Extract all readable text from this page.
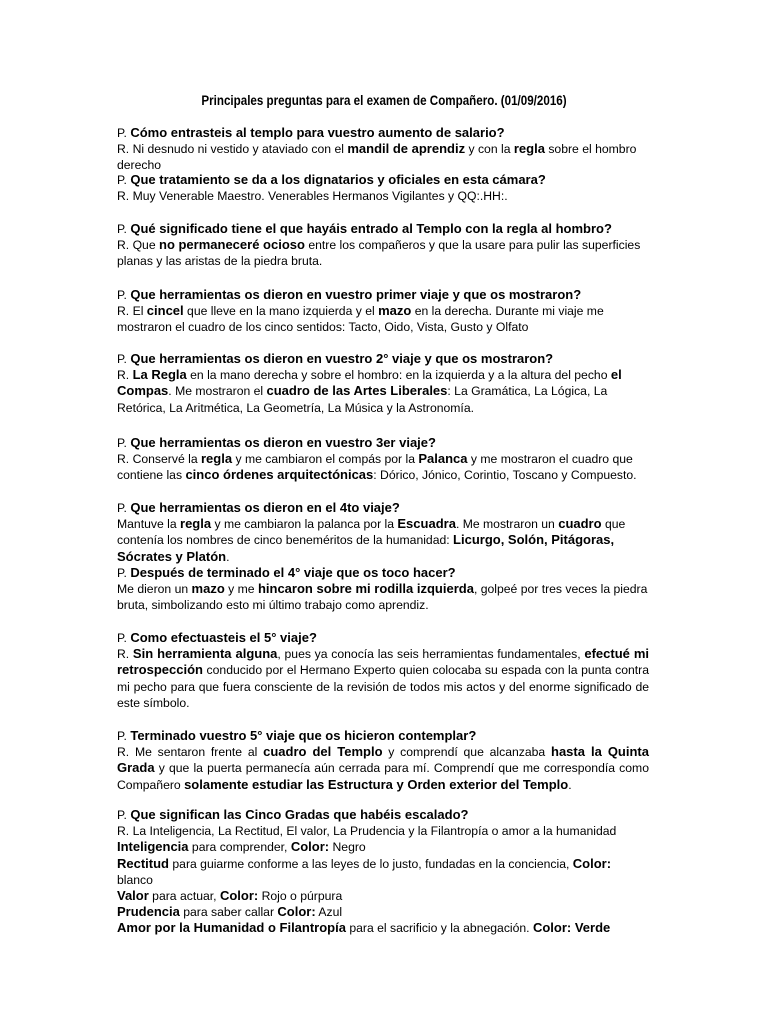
Principales preguntas para el examen de Compañero. (01/09/2016)
P. Cómo entrasteis al templo para vuestro aumento de salario?
R. Ni desnudo ni vestido y ataviado con el mandil de aprendiz y con la regla sobre el hombro derecho
P. Que tratamiento se da a los dignatarios y oficiales en esta cámara?
R. Muy Venerable Maestro. Venerables Hermanos Vigilantes y QQ:.HH:.
P. Qué significado tiene el que hayáis entrado al Templo con la regla al hombro?
R. Que no permaneceré ocioso entre los compañeros y que la usare para pulir las superficies planas y las aristas de la piedra bruta.
P. Que herramientas os dieron en vuestro primer viaje y que os mostraron?
R. El cincel que lleve en la mano izquierda y el mazo en la derecha. Durante mi viaje me mostraron el cuadro de los cinco sentidos: Tacto, Oido, Vista, Gusto y Olfato
P. Que herramientas os dieron en vuestro 2° viaje y que os mostraron?
R. La Regla en la mano derecha y sobre el hombro: en la izquierda y a la altura del pecho el Compas. Me mostraron el cuadro de las Artes Liberales: La Gramática, La Lógica, La Retórica, La Aritmética, La Geometría, La Música y la Astronomía.
P. Que herramientas os dieron en vuestro 3er viaje?
R. Conservé la regla y me cambiaron el compás por la Palanca y me mostraron el cuadro que contiene las cinco órdenes arquitectónicas: Dórico, Jónico, Corintio, Toscano y Compuesto.
P. Que herramientas os dieron en el 4to viaje?
Mantuve la regla y me cambiaron la palanca por la Escuadra. Me mostraron un cuadro que contenía los nombres de cinco beneméritos de la humanidad: Licurgo, Solón, Pitágoras, Sócrates y Platón.
P. Después de terminado el 4° viaje que os toco hacer?
Me dieron un mazo y me hincaron sobre mi rodilla izquierda, golpeé por tres veces la piedra bruta, simbolizando esto mi último trabajo como aprendiz.
P. Como efectuasteis el 5° viaje?
R. Sin herramienta alguna, pues ya conocía las seis herramientas fundamentales, efectué mi retrospección conducido por el Hermano Experto quien colocaba su espada con la punta contra mi pecho para que fuera consciente de la revisión de todos mis actos y del enorme significado de este símbolo.
P. Terminado vuestro 5° viaje que os hicieron contemplar?
R. Me sentaron frente al cuadro del Templo y comprendí que alcanzaba hasta la Quinta Grada y que la puerta permanecía aún cerrada para mí. Comprendí que me correspondía como Compañero solamente estudiar las Estructura y Orden exterior del Templo.
P. Que significan las Cinco Gradas que habéis escalado?
R. La Inteligencia, La Rectitud, El valor, La Prudencia y la Filantropía o amor a la humanidad
Inteligencia para comprender, Color: Negro
Rectitud para guiarme conforme a las leyes de lo justo, fundadas en la conciencia, Color: blanco
Valor para actuar, Color: Rojo o púrpura
Prudencia para saber callar Color: Azul
Amor por la Humanidad o Filantropía para el sacrificio y la abnegación. Color: Verde
